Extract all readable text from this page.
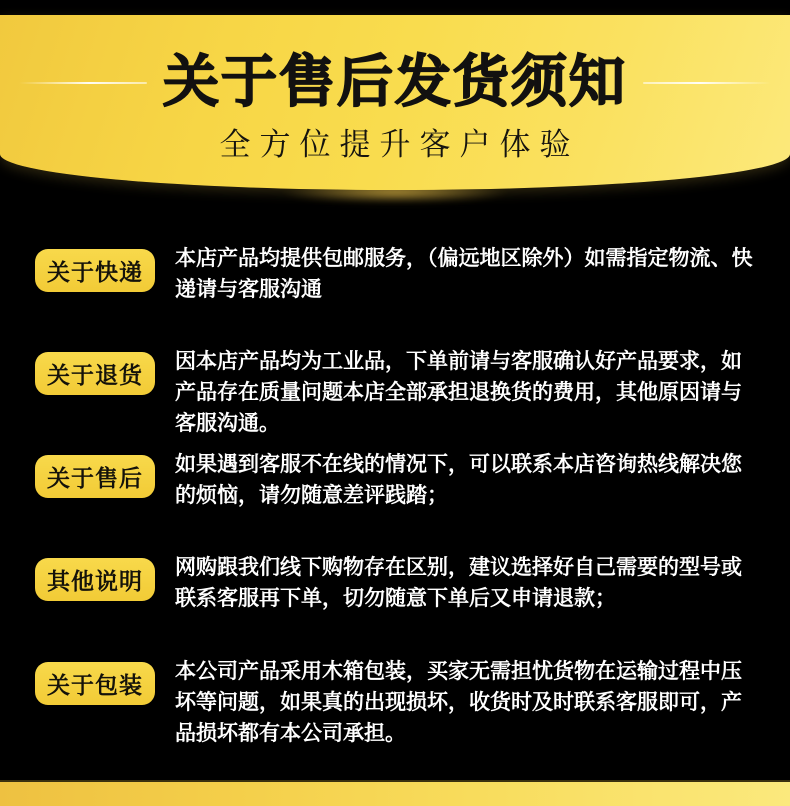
关于售后发货须知
全方位提升客户体验
关于快递

本店产品均提供包邮服务，（偏远地区除外）如需指定物流、快递请与客服沟通

关于退货

因本店产品均为工业品，下单前请与客服确认好产品要求，如产品存在质量问题本店全部承担退换货的费用，其他原因请与客服沟通。

关于售后

如果遇到客服不在线的情况下，可以联系本店咨询热线解决您的烦恼，请勿随意差评践踏；

其他说明

网购跟我们线下购物存在区别，建议选择好自己需要的型号或联系客服再下单，切勿随意下单后又申请退款；

关于包装

本公司产品采用木箱包装，买家无需担忧货物在运输过程中压坏等问题，如果真的出现损坏，收货时及时联系客服即可，产品损坏都有本公司承担。
